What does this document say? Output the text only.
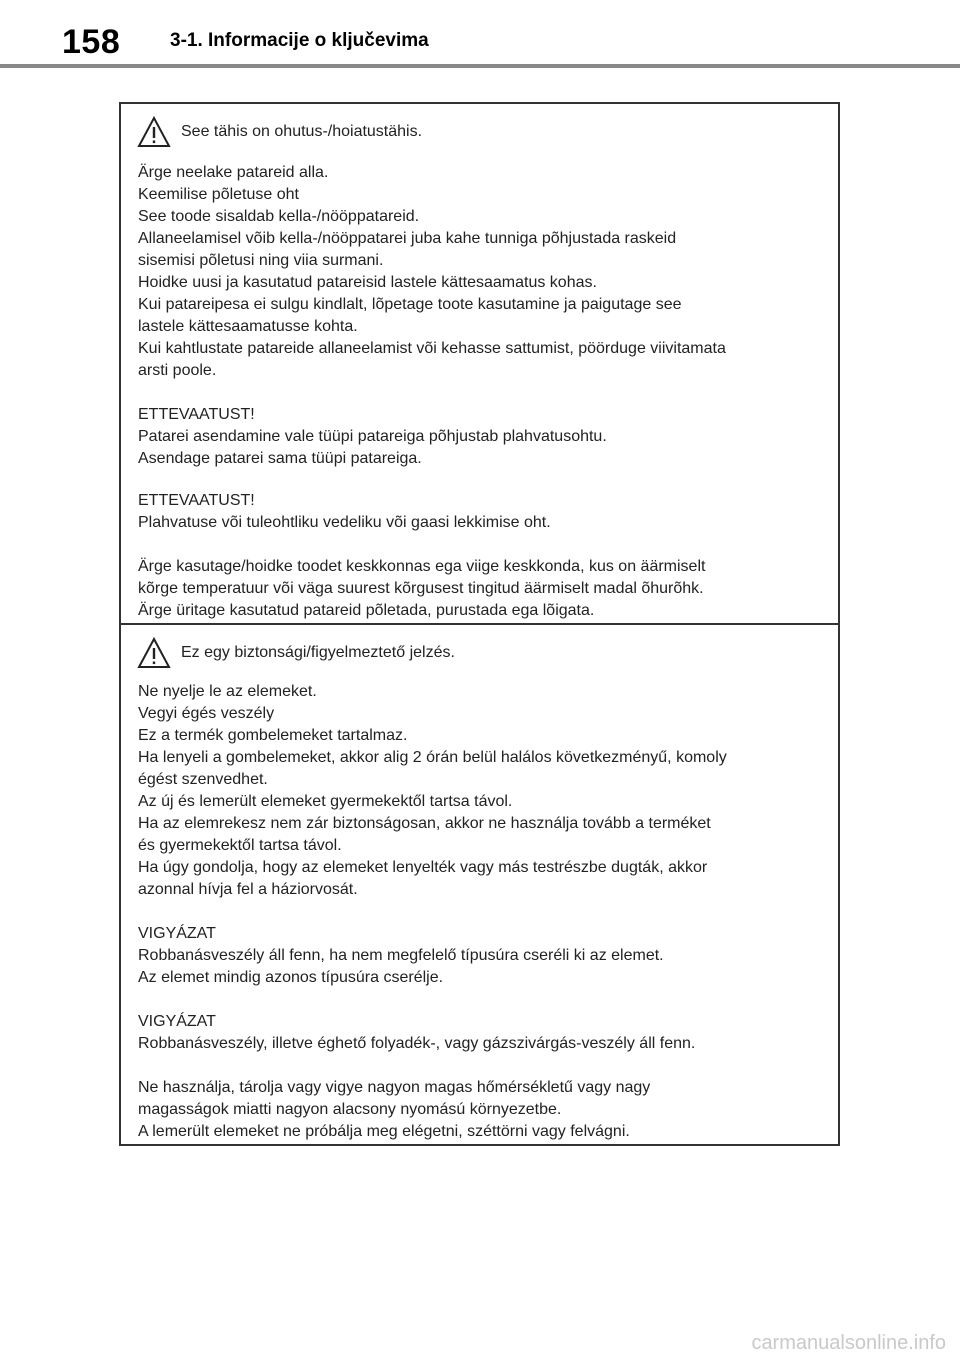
158	3-1. Informacije o ključevima
See tähis on ohutus-/hoiatustähis.
Ärge neelake patareid alla.
Keemilise põletuse oht
See toode sisaldab kella-/nööppatareid.
Allaneelamisel võib kella-/nööppatarei juba kahe tunniga põhjustada raskeid
sisemisi põletusi ning viia surmani.
Hoidke uusi ja kasutatud patareisid lastele kättesaamatus kohas.
Kui patareipesa ei sulgu kindlalt, lõpetage toote kasutamine ja paigutage see
lastele kättesaamatusse kohta.
Kui kahtlustate patareide allaneelamist või kehasse sattumist, pöörduge viivitamata
arsti poole.
ETTEVAATUST!
Patarei asendamine vale tüüpi patareiga põhjustab plahvatusohtu.
Asendage patarei sama tüüpi patareiga.
ETTEVAATUST!
Plahvatuse või tuleohtliku vedeliku või gaasi lekkimise oht.
Ärge kasutage/hoidke toodet keskkonnas ega viige keskkonda, kus on äärmiselt
kõrge temperatuur või väga suurest kõrgusest tingitud äärmiselt madal õhurõhk.
Ärge üritage kasutatud patareid põletada, purustada ega lõigata.
Ez egy biztonsági/figyelmeztető jelzés.
Ne nyelje le az elemeket.
Vegyi égés veszély
Ez a termék gombelemeket tartalmaz.
Ha lenyeli a gombelemeket, akkor alig 2 órán belül halálos következményű, komoly
égést szenvedhet.
Az új és lemerült elemeket gyermekektől tartsa távol.
Ha az elemrekesz nem zár biztonságosan, akkor ne használja tovább a terméket
és gyermekektől tartsa távol.
Ha úgy gondolja, hogy az elemeket lenyelték vagy más testrészbe dugták, akkor
azonnal hívja fel a háziorvosát.
VIGYÁZAT
Robbanásveszély áll fenn, ha nem megfelelő típusúra cseréli ki az elemet.
Az elemet mindig azonos típusúra cserélje.
VIGYÁZAT
Robbanásveszély, illetve éghető folyadék-, vagy gázszivárgás-veszély áll fenn.
Ne használja, tárolja vagy vigye nagyon magas hőmérsékletű vagy nagy
magasságok miatti nagyon alacsony nyomású környezetbe.
A lemerült elemeket ne próbálja meg elégetni, széttörni vagy felvágni.
carmanualsonline.info
